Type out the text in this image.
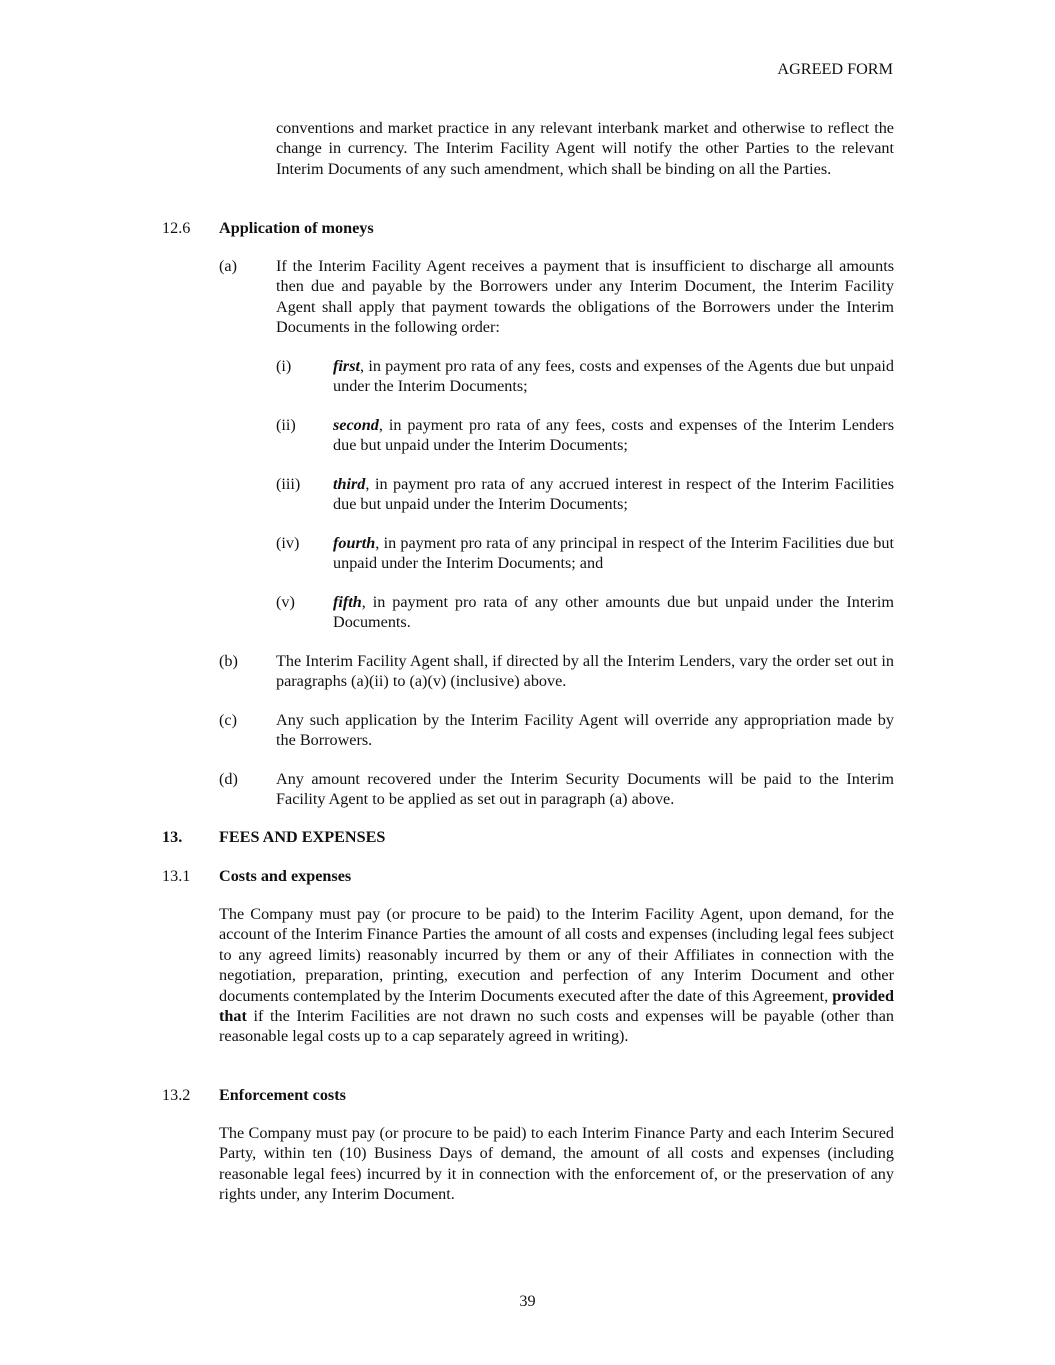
AGREED FORM
conventions and market practice in any relevant interbank market and otherwise to reflect the change in currency. The Interim Facility Agent will notify the other Parties to the relevant Interim Documents of any such amendment, which shall be binding on all the Parties.
12.6 Application of moneys
(a) If the Interim Facility Agent receives a payment that is insufficient to discharge all amounts then due and payable by the Borrowers under any Interim Document, the Interim Facility Agent shall apply that payment towards the obligations of the Borrowers under the Interim Documents in the following order:
(i)	first, in payment pro rata of any fees, costs and expenses of the Agents due but unpaid under the Interim Documents;
(ii) second, in payment pro rata of any fees, costs and expenses of the Interim Lenders due but unpaid under the Interim Documents;
(iii) third, in payment pro rata of any accrued interest in respect of the Interim Facilities due but unpaid under the Interim Documents;
(iv) fourth, in payment pro rata of any principal in respect of the Interim Facilities due but unpaid under the Interim Documents; and
(v) fifth, in payment pro rata of any other amounts due but unpaid under the Interim Documents.
(b) The Interim Facility Agent shall, if directed by all the Interim Lenders, vary the order set out in paragraphs (a)(ii) to (a)(v) (inclusive) above.
(c) Any such application by the Interim Facility Agent will override any appropriation made by the Borrowers.
(d) Any amount recovered under the Interim Security Documents will be paid to the Interim Facility Agent to be applied as set out in paragraph (a) above.
13. FEES AND EXPENSES
13.1 Costs and expenses
The Company must pay (or procure to be paid) to the Interim Facility Agent, upon demand, for the account of the Interim Finance Parties the amount of all costs and expenses (including legal fees subject to any agreed limits) reasonably incurred by them or any of their Affiliates in connection with the negotiation, preparation, printing, execution and perfection of any Interim Document and other documents contemplated by the Interim Documents executed after the date of this Agreement, provided that if the Interim Facilities are not drawn no such costs and expenses will be payable (other than reasonable legal costs up to a cap separately agreed in writing).
13.2 Enforcement costs
The Company must pay (or procure to be paid) to each Interim Finance Party and each Interim Secured Party, within ten (10) Business Days of demand, the amount of all costs and expenses (including reasonable legal fees) incurred by it in connection with the enforcement of, or the preservation of any rights under, any Interim Document.
39
